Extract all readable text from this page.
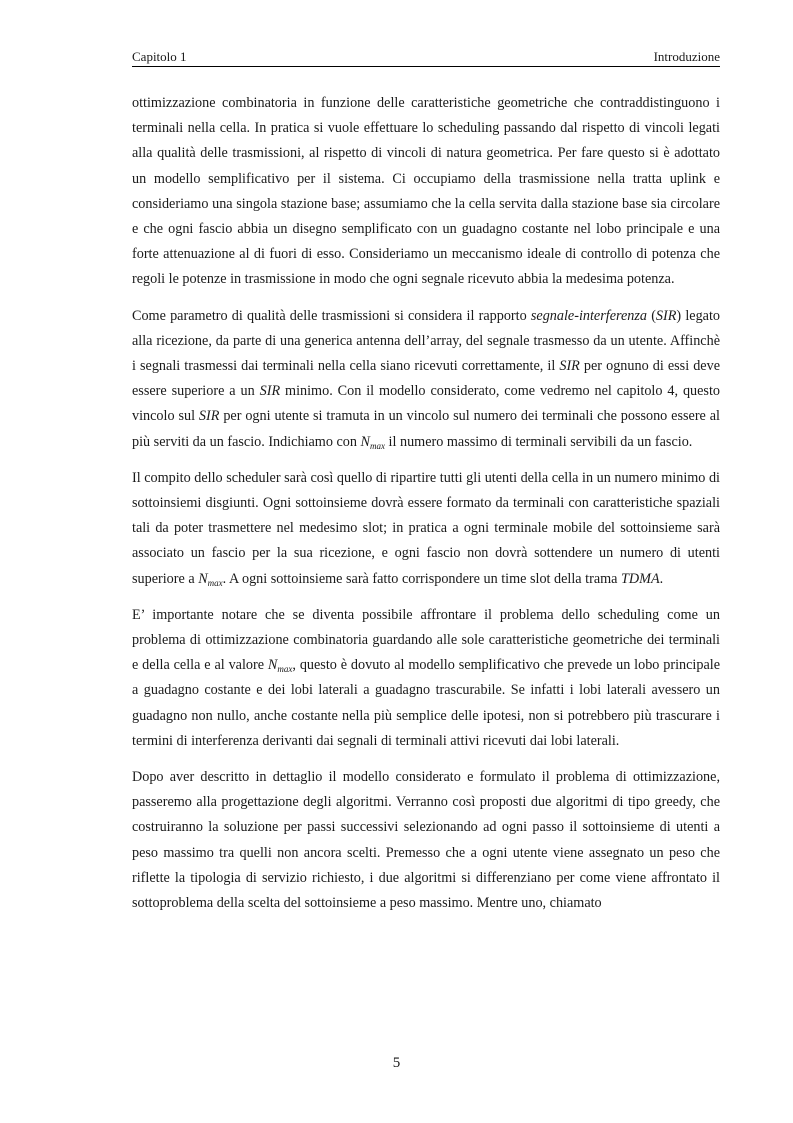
Capitolo 1	Introduzione

ottimizzazione combinatoria in funzione delle caratteristiche geometriche che contraddistinguono i terminali nella cella. In pratica si vuole effettuare lo scheduling passando dal rispetto di vincoli legati alla qualità delle trasmissioni, al rispetto di vincoli di natura geometrica. Per fare questo si è adottato un modello semplificativo per il sistema. Ci occupiamo della trasmissione nella tratta uplink e consideriamo una singola stazione base; assumiamo che la cella servita dalla stazione base sia circolare e che ogni fascio abbia un disegno semplificato con un guadagno costante nel lobo principale e una forte attenuazione al di fuori di esso. Consideriamo un meccanismo ideale di controllo di potenza che regoli le potenze in trasmissione in modo che ogni segnale ricevuto abbia la medesima potenza.

Come parametro di qualità delle trasmissioni si considera il rapporto segnale-interferenza (SIR) legato alla ricezione, da parte di una generica antenna dell’array, del segnale trasmesso da un utente. Affinchè i segnali trasmessi dai terminali nella cella siano ricevuti correttamente, il SIR per ognuno di essi deve essere superiore a un SIR minimo. Con il modello considerato, come vedremo nel capitolo 4, questo vincolo sul SIR per ogni utente si tramuta in un vincolo sul numero dei terminali che possono essere al più serviti da un fascio. Indichiamo con $N_{max}$ il numero massimo di terminali servibili da un fascio.

Il compito dello scheduler sarà così quello di ripartire tutti gli utenti della cella in un numero minimo di sottoinsiemi disgiunti. Ogni sottoinsieme dovrà essere formato da terminali con caratteristiche spaziali tali da poter trasmettere nel medesimo slot; in pratica a ogni terminale mobile del sottoinsieme sarà associato un fascio per la sua ricezione, e ogni fascio non dovrà sottendere un numero di utenti superiore a $N_{max}$. A ogni sottoinsieme sarà fatto corrispondere un time slot della trama TDMA.

E’ importante notare che se diventa possibile affrontare il problema dello scheduling come un problema di ottimizzazione combinatoria guardando alle sole caratteristiche geometriche dei terminali e della cella e al valore $N_{max}$, questo è dovuto al modello semplificativo che prevede un lobo principale a guadagno costante e dei lobi laterali a guadagno trascurabile. Se infatti i lobi laterali avessero un guadagno non nullo, anche costante nella più semplice delle ipotesi, non si potrebbero più trascurare i termini di interferenza derivanti dai segnali di terminali attivi ricevuti dai lobi laterali.

Dopo aver descritto in dettaglio il modello considerato e formulato il problema di ottimizzazione, passeremo alla progettazione degli algoritmi. Verranno così proposti due algoritmi di tipo greedy, che costruiranno la soluzione per passi successivi selezionando ad ogni passo il sottoinsieme di utenti a peso massimo tra quelli non ancora scelti. Premesso che a ogni utente viene assegnato un peso che riflette la tipologia di servizio richiesto, i due algoritmi si differenziano per come viene affrontato il sottoproblema della scelta del sottoinsieme a peso massimo. Mentre uno, chiamato

5
